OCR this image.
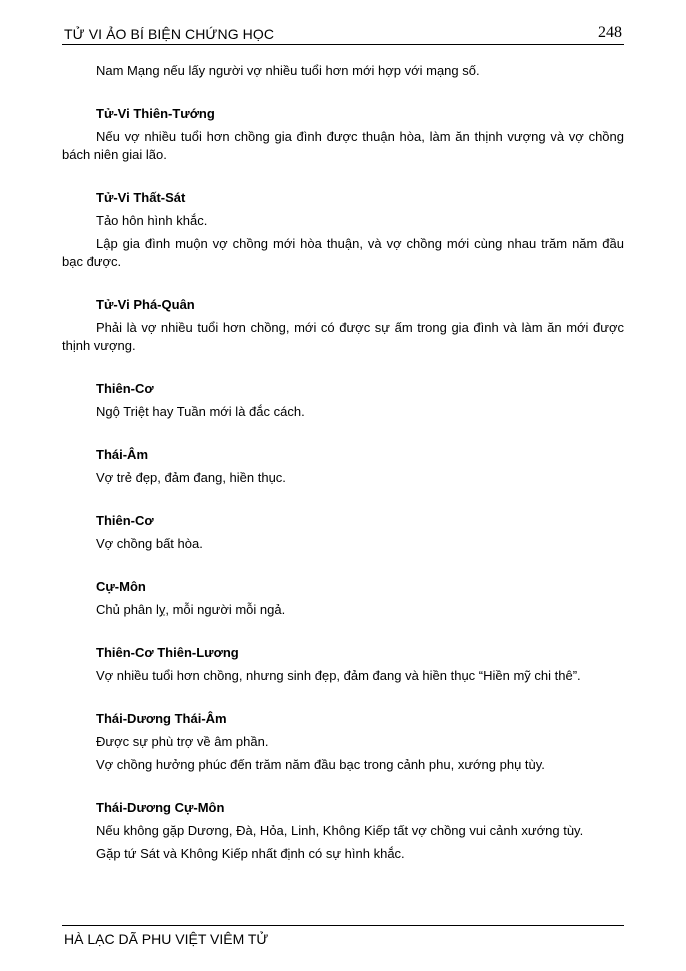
TỬ VI ẢO BÍ BIỆN CHỨNG HỌC	248

Nam Mạng nếu lấy người vợ nhiều tuổi hơn mới hợp với mạng số.

Tử-Vi Thiên-Tướng

Nếu vợ nhiều tuổi hơn chồng gia đình được thuận hòa, làm ăn thịnh vượng và vợ chồng bách niên giai lão.

Tử-Vi Thất-Sát

Tảo hôn hình khắc.

Lập gia đình muộn vợ chồng mới hòa thuận, và vợ chồng mới cùng nhau trăm năm đầu bạc được.

Tử-Vi Phá-Quân

Phải là vợ nhiều tuổi hơn chồng, mới có được sự ấm trong gia đình và làm ăn mới được thịnh vượng.

Thiên-Cơ

Ngộ Triệt hay Tuần mới là đắc cách.

Thái-Âm

Vợ trẻ đẹp, đảm đang, hiền thục.

Thiên-Cơ

Vợ chồng bất hòa.

Cự-Môn

Chủ phân lỵ, mỗi người mỗi ngả.

Thiên-Cơ Thiên-Lương

Vợ nhiều tuổi hơn chồng, nhưng sinh đẹp, đảm đang và hiền thục “Hiền mỹ chi thê”.

Thái-Dương Thái-Âm

Được sự phù trợ về âm phần.

Vợ chồng hưởng phúc đến trăm năm đầu bạc trong cảnh phu, xướng phụ tùy.

Thái-Dương Cự-Môn

Nếu không gặp Dương, Đà, Hỏa, Linh, Không Kiếp tất vợ chồng vui cảnh xướng tùy.

Gặp tứ Sát và Không Kiếp nhất định có sự hình khắc.

HÀ LẠC DÃ PHU VIỆT VIÊM TỬ
